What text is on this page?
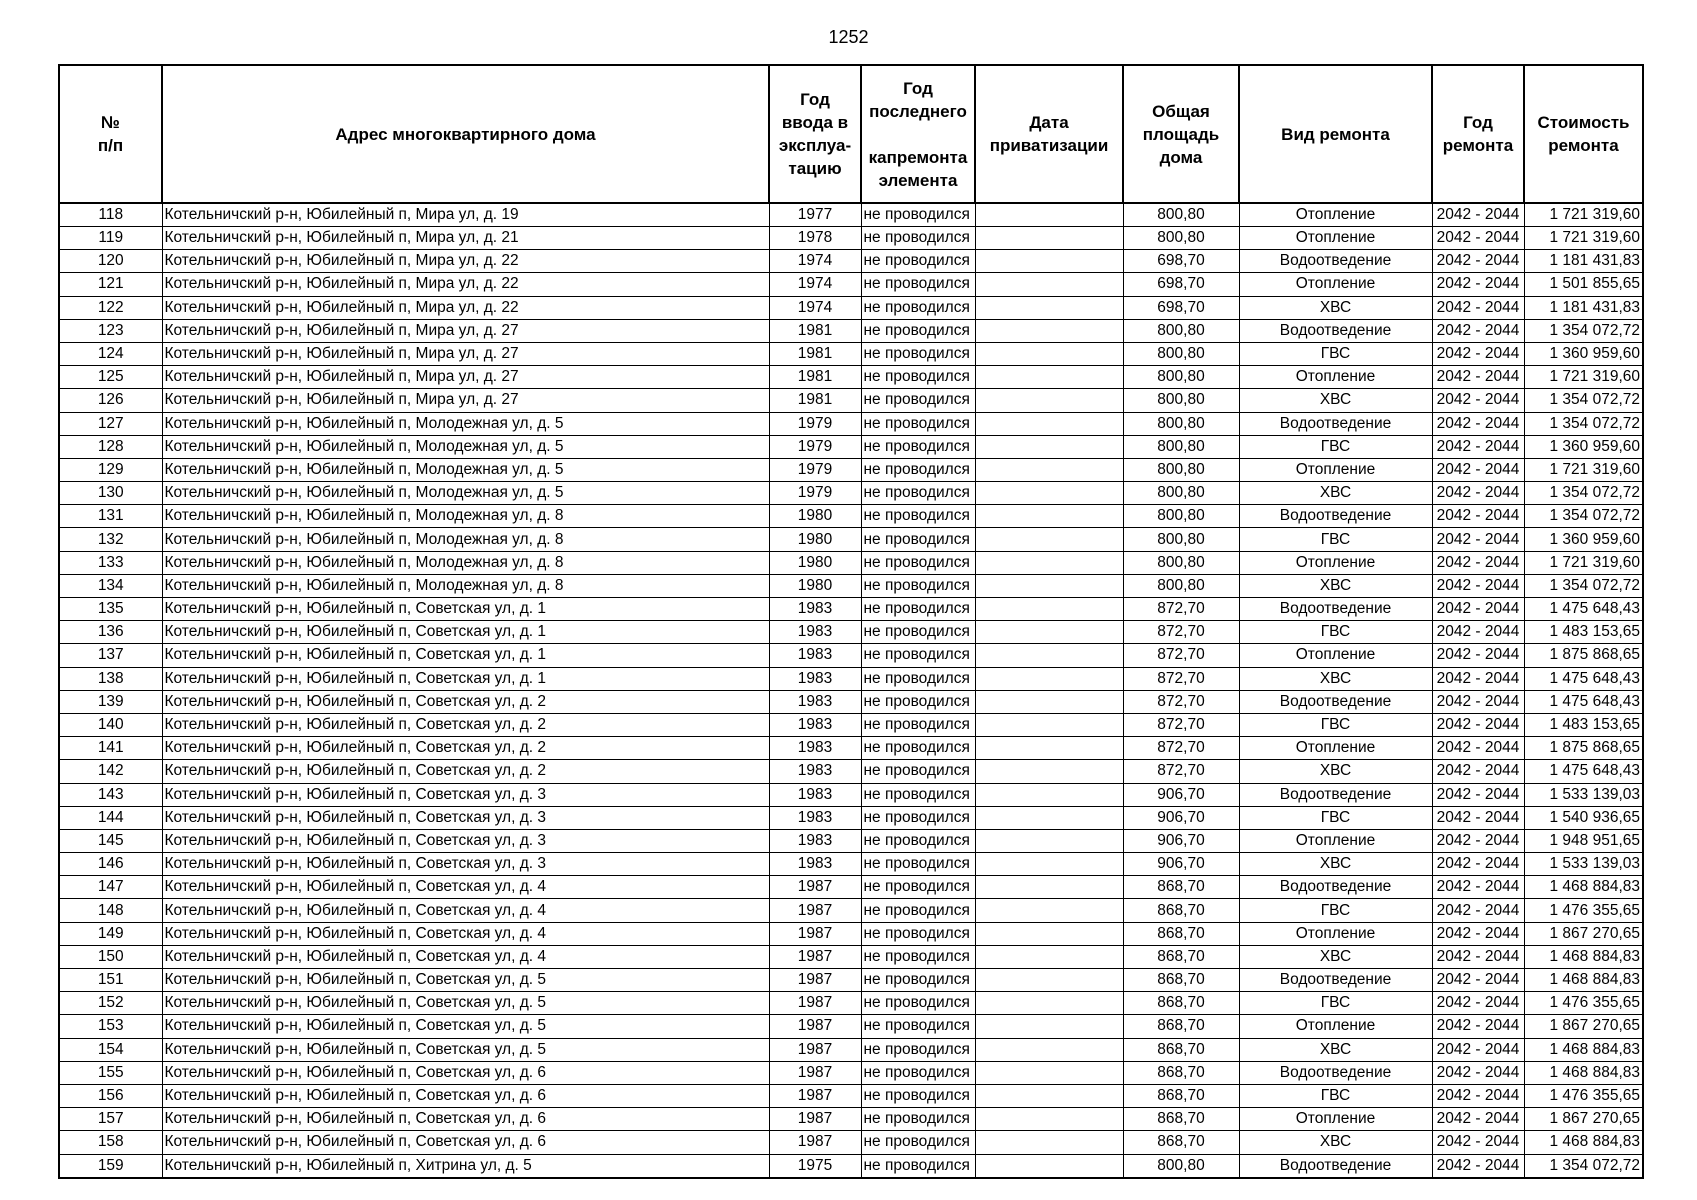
1252
№
п/п	Адрес многоквартирного дома	Год
ввода в
эксплуа-
тацию	Год
последнего

капремонта
элемента	Дата
приватизации	Общая
площадь
дома	Вид ремонта	Год
ремонта	Стоимость
ремонта
118	Котельничский р-н, Юбилейный п, Мира ул, д. 19	1977	не проводился		800,80	Отопление	2042 - 2044	1 721 319,60
119	Котельничский р-н, Юбилейный п, Мира ул, д. 21	1978	не проводился		800,80	Отопление	2042 - 2044	1 721 319,60
120	Котельничский р-н, Юбилейный п, Мира ул, д. 22	1974	не проводился		698,70	Водоотведение	2042 - 2044	1 181 431,83
121	Котельничский р-н, Юбилейный п, Мира ул, д. 22	1974	не проводился		698,70	Отопление	2042 - 2044	1 501 855,65
122	Котельничский р-н, Юбилейный п, Мира ул, д. 22	1974	не проводился		698,70	ХВС	2042 - 2044	1 181 431,83
123	Котельничский р-н, Юбилейный п, Мира ул, д. 27	1981	не проводился		800,80	Водоотведение	2042 - 2044	1 354 072,72
124	Котельничский р-н, Юбилейный п, Мира ул, д. 27	1981	не проводился		800,80	ГВС	2042 - 2044	1 360 959,60
125	Котельничский р-н, Юбилейный п, Мира ул, д. 27	1981	не проводился		800,80	Отопление	2042 - 2044	1 721 319,60
126	Котельничский р-н, Юбилейный п, Мира ул, д. 27	1981	не проводился		800,80	ХВС	2042 - 2044	1 354 072,72
127	Котельничский р-н, Юбилейный п, Молодежная ул, д. 5	1979	не проводился		800,80	Водоотведение	2042 - 2044	1 354 072,72
128	Котельничский р-н, Юбилейный п, Молодежная ул, д. 5	1979	не проводился		800,80	ГВС	2042 - 2044	1 360 959,60
129	Котельничский р-н, Юбилейный п, Молодежная ул, д. 5	1979	не проводился		800,80	Отопление	2042 - 2044	1 721 319,60
130	Котельничский р-н, Юбилейный п, Молодежная ул, д. 5	1979	не проводился		800,80	ХВС	2042 - 2044	1 354 072,72
131	Котельничский р-н, Юбилейный п, Молодежная ул, д. 8	1980	не проводился		800,80	Водоотведение	2042 - 2044	1 354 072,72
132	Котельничский р-н, Юбилейный п, Молодежная ул, д. 8	1980	не проводился		800,80	ГВС	2042 - 2044	1 360 959,60
133	Котельничский р-н, Юбилейный п, Молодежная ул, д. 8	1980	не проводился		800,80	Отопление	2042 - 2044	1 721 319,60
134	Котельничский р-н, Юбилейный п, Молодежная ул, д. 8	1980	не проводился		800,80	ХВС	2042 - 2044	1 354 072,72
135	Котельничский р-н, Юбилейный п, Советская ул, д. 1	1983	не проводился		872,70	Водоотведение	2042 - 2044	1 475 648,43
136	Котельничский р-н, Юбилейный п, Советская ул, д. 1	1983	не проводился		872,70	ГВС	2042 - 2044	1 483 153,65
137	Котельничский р-н, Юбилейный п, Советская ул, д. 1	1983	не проводился		872,70	Отопление	2042 - 2044	1 875 868,65
138	Котельничский р-н, Юбилейный п, Советская ул, д. 1	1983	не проводился		872,70	ХВС	2042 - 2044	1 475 648,43
139	Котельничский р-н, Юбилейный п, Советская ул, д. 2	1983	не проводился		872,70	Водоотведение	2042 - 2044	1 475 648,43
140	Котельничский р-н, Юбилейный п, Советская ул, д. 2	1983	не проводился		872,70	ГВС	2042 - 2044	1 483 153,65
141	Котельничский р-н, Юбилейный п, Советская ул, д. 2	1983	не проводился		872,70	Отопление	2042 - 2044	1 875 868,65
142	Котельничский р-н, Юбилейный п, Советская ул, д. 2	1983	не проводился		872,70	ХВС	2042 - 2044	1 475 648,43
143	Котельничский р-н, Юбилейный п, Советская ул, д. 3	1983	не проводился		906,70	Водоотведение	2042 - 2044	1 533 139,03
144	Котельничский р-н, Юбилейный п, Советская ул, д. 3	1983	не проводился		906,70	ГВС	2042 - 2044	1 540 936,65
145	Котельничский р-н, Юбилейный п, Советская ул, д. 3	1983	не проводился		906,70	Отопление	2042 - 2044	1 948 951,65
146	Котельничский р-н, Юбилейный п, Советская ул, д. 3	1983	не проводился		906,70	ХВС	2042 - 2044	1 533 139,03
147	Котельничский р-н, Юбилейный п, Советская ул, д. 4	1987	не проводился		868,70	Водоотведение	2042 - 2044	1 468 884,83
148	Котельничский р-н, Юбилейный п, Советская ул, д. 4	1987	не проводился		868,70	ГВС	2042 - 2044	1 476 355,65
149	Котельничский р-н, Юбилейный п, Советская ул, д. 4	1987	не проводился		868,70	Отопление	2042 - 2044	1 867 270,65
150	Котельничский р-н, Юбилейный п, Советская ул, д. 4	1987	не проводился		868,70	ХВС	2042 - 2044	1 468 884,83
151	Котельничский р-н, Юбилейный п, Советская ул, д. 5	1987	не проводился		868,70	Водоотведение	2042 - 2044	1 468 884,83
152	Котельничский р-н, Юбилейный п, Советская ул, д. 5	1987	не проводился		868,70	ГВС	2042 - 2044	1 476 355,65
153	Котельничский р-н, Юбилейный п, Советская ул, д. 5	1987	не проводился		868,70	Отопление	2042 - 2044	1 867 270,65
154	Котельничский р-н, Юбилейный п, Советская ул, д. 5	1987	не проводился		868,70	ХВС	2042 - 2044	1 468 884,83
155	Котельничский р-н, Юбилейный п, Советская ул, д. 6	1987	не проводился		868,70	Водоотведение	2042 - 2044	1 468 884,83
156	Котельничский р-н, Юбилейный п, Советская ул, д. 6	1987	не проводился		868,70	ГВС	2042 - 2044	1 476 355,65
157	Котельничский р-н, Юбилейный п, Советская ул, д. 6	1987	не проводился		868,70	Отопление	2042 - 2044	1 867 270,65
158	Котельничский р-н, Юбилейный п, Советская ул, д. 6	1987	не проводился		868,70	ХВС	2042 - 2044	1 468 884,83
159	Котельничский р-н, Юбилейный п, Хитрина ул, д. 5	1975	не проводился		800,80	Водоотведение	2042 - 2044	1 354 072,72
